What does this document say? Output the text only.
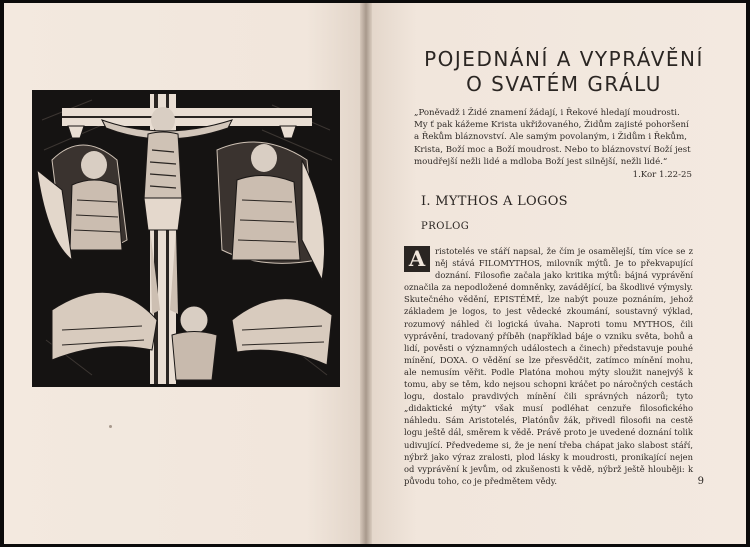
POJEDNÁNÍ A VYPRÁVĚNÍ

O SVATÉM GRÁLU

„Poněvadž i Židé znamení žádají, i Řekové hledají moudrosti. My ť pak kážeme Krista ukřižovaného, Židům zajisté pohoršení a Řekům bláznovství. Ale samým povolaným, i Židům i Řekům, Krista, Boží moc a Boží moudrost. Nebo to bláznovství Boží jest moudřejší nežli lidé a mdloba Boží jest silnější, nežli lidé.“
1.Kor 1.22-25
I. MYTHOS A LOGOS
PROLOG
A	ristotelés ve stáří napsal, že čím je osamělejší, tím více se z něj stává FILOMYTHOS, milovník mýtů. Je to překvapující doznání. Filosofie začala jako kritika mýtů: bájná vyprávění označila za nepodložené domněnky, zavádějící, ba škodlivé výmysly. Skutečného vědění, EPISTÉMÉ, lze nabýt pouze poznáním, jehož základem je logos, to jest vědecké zkoumání, soustavný výklad, rozumový náhled či logická úvaha. Naproti tomu MYTHOS, čili vyprávění, tradovaný příběh (například báje o vzniku světa, bohů a lidí, pověsti o významných událostech a činech) představuje pouhé mínění, DOXA. O vědění se lze přesvědčit, zatímco mínění mohu, ale nemusím věřit. Podle Platóna mohou mýty sloužit nanejvýš k tomu, aby se těm, kdo nejsou schopni kráčet po náročných cestách logu, dostalo pravdivých mínění čili správných názorů; tyto „didaktické mýty“ však musí podléhat cenzuře filosofického náhledu. Sám Aristotelés, Platónův žák, přivedl filosofii na cestě logu ještě dál, směrem k vědě. Právě proto je uvedené doznání tolik udivující. Předvedeme si, že je není třeba chápat jako slabost stáří, nýbrž jako výraz zralosti, plod lásky k moudrosti, pronikající nejen od vyprávění k jevům, od zkušenosti k vědě, nýbrž ještě hlouběji: k původu toho, co je předmětem vědy.	9
